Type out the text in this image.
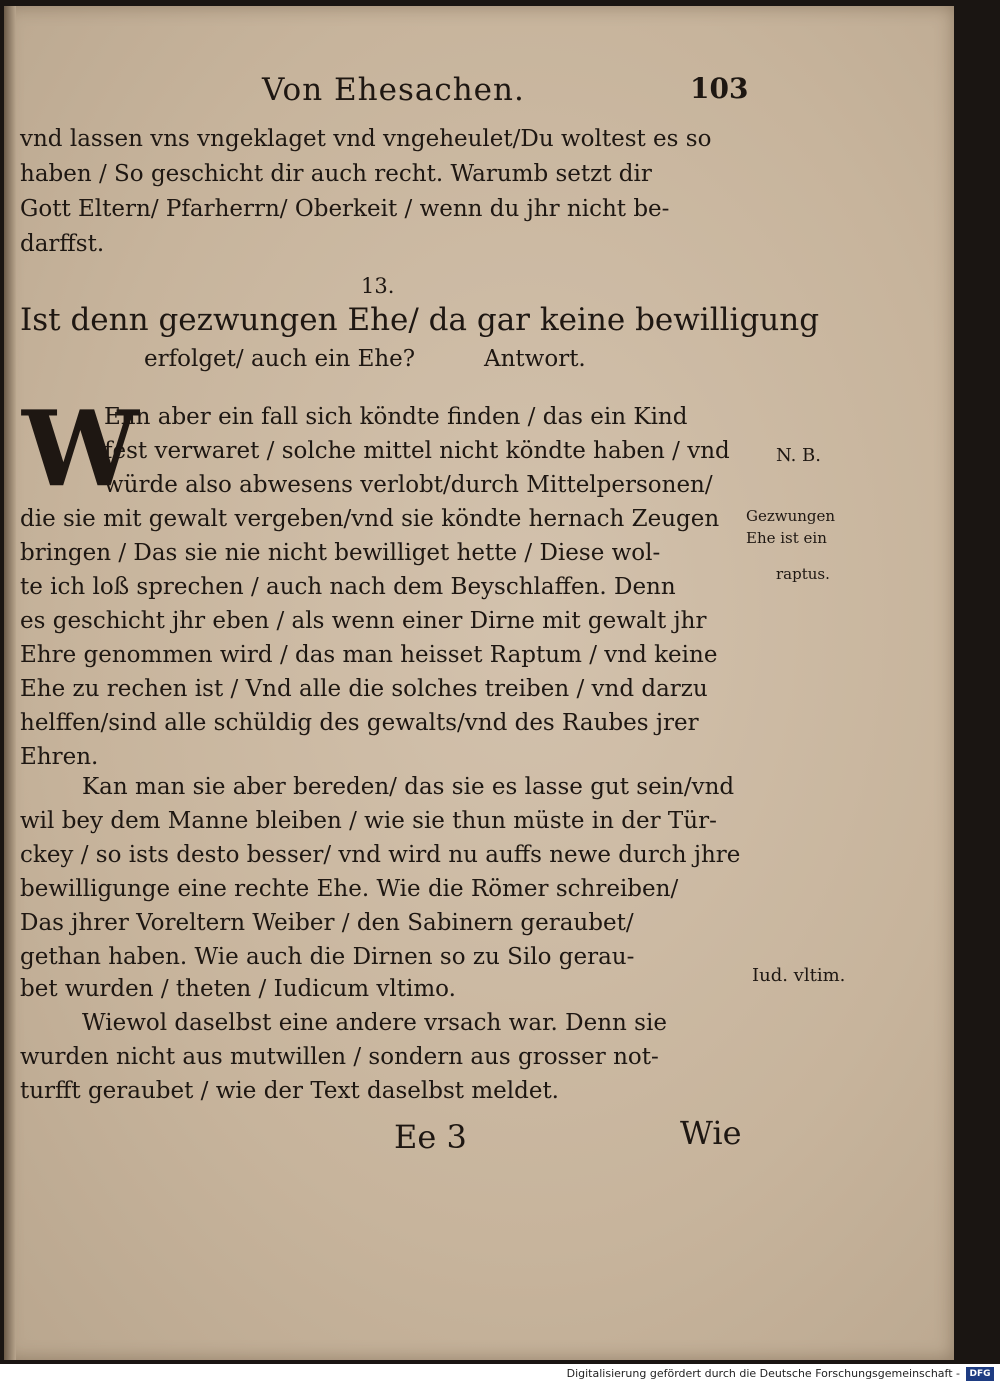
Von Ehesachen.	103
vnd lassen vns vngeklaget vnd vngeheulet/Du woltest es so
haben / So geschicht dir auch recht. Warumb setzt dir
Gott Eltern/ Pfarherrn/ Oberkeit / wenn du jhr nicht be-
darffst.
13.
Ist denn gezwungen Ehe/ da gar keine bewilligung
erfolget/ auch ein Ehe?	Antwort.
W
Enn aber ein fall sich köndte finden / das ein Kind
fest verwaret / solche mittel nicht köndte haben / vnd
würde also abwesens verlobt/durch Mittelpersonen/
die sie mit gewalt vergeben/vnd sie köndte hernach Zeugen
bringen / Das sie nie nicht bewilliget hette / Diese wol-
te ich loß sprechen / auch nach dem Beyschlaffen. Denn
es geschicht jhr eben / als wenn einer Dirne mit gewalt jhr
Ehre genommen wird / das man heisset Raptum / vnd keine
Ehe zu rechen ist / Vnd alle die solches treiben / vnd darzu
helffen/sind alle schüldig des gewalts/vnd des Raubes jrer
Ehren.
Kan man sie aber bereden/ das sie es lasse gut sein/vnd
wil bey dem Manne bleiben / wie sie thun müste in der Tür-
ckey / so ists desto besser/ vnd wird nu auffs newe durch jhre
bewilligunge eine rechte Ehe. Wie die Römer schreiben/
Das jhrer Voreltern Weiber / den Sabinern geraubet/
gethan haben. Wie auch die Dirnen so zu Silo gerau-
bet wurden / theten / Iudicum vltimo.
Wiewol daselbst eine andere vrsach war. Denn sie
wurden nicht aus mutwillen / sondern aus grosser not-
turfft geraubet / wie der Text daselbst meldet.
N. B.
Gezwungen
Ehe ist ein
raptus.
Iud. vltim.
Ee 3	Wie
Digitalisierung gefördert durch die Deutsche Forschungsgemeinschaft -	DFG
